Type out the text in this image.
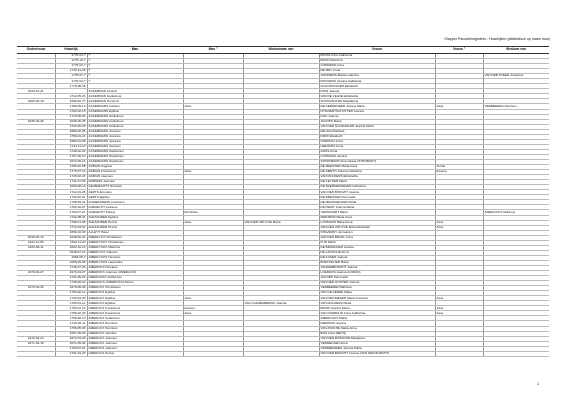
Klapper Parochieregisters - Huwelijken (alfabetisch op naam man)
Ondertrouw	Huwelijk	Man	Man °	Weduwnaar van	Vrouw	Vrouw °	Weduwe van
	1775-04-?	?			BOOM Anna Catharina		
	1775-12-?	?			BOON Albertina		
	1776-02-?	?			CODRENS Anna		
	1733-11-28	?			DE MEY Anna		
	1776-0?-?	?			JANSSENS Maria Ludovica		VAN DER STEEN Josephus
	1776-04-?	?			ROOSENS Joanna Catharina		
	1775-08-05				SLAGHMULDER Elisabeth		
1629-10-21		ACKERMAN Amand			DION Joanna		
	1712-05-26	ACKERMAN Guilielmus			VAN DE VELDE Elizabetha		
1680-02-18	1680-02-??	ACKERMAN Henricus			SCHOONJANS Magdalena		
	1780-09-19	ACKERMANS Carolus	Asse		DE KEMPENEER Joanna Maria	Asse	VERBEEREN Henricus
	1702-02-15	ACKERMANS Egidius			D'HANENTSCHUTTER Joanna		
	1710-06-03	ACKERMANS Guilielmus			NUG Joanna		
1635-04-29	1635-06-25	ACKERMANS Guilielmus			JACOPS Maria		
	1733-05-29	ACKERMANS Guilielmus			VAN DER SLAGMOLEN Joanna Maria		
	1686-02-05	ACKERMANS Joannes			DE NUG Barbara		
	1759-04-24	ACKERMANS Joannes			DIRIX Elisabeth		
	1680-01-08	ACKERMANS Joannes			STERCKX Anna		
	1744-11-10	ACKERMANS Joannes			LEEMANS Anna		
	1749-02-22	ACKERMANS Stephanus			ARIJS Anna		
	1767-02-10	ACKERMANS Stephanus			LOOMANS Joanna		
	1672-06-14	ACKERMANS Stephanus			STROOBANT Ermentiana (STROBANT)		
	1766-02-08	ADRIAN Angelus			DE MEESTER Maria Anna	Ternat	
	1775-07-10	ADRIAN Franciscus	Asse		DE SMETH Joanna Catharina	Essene	
	1715-02-23	ADRIAN Joannes			VAN MULDERS Elizabetha		
	1711-07-06	ADRIANS Joannes			DE KEYSER Maria		
	1669-08-18	AELBRECHTS Nicolaus			DE BAERDEMAEKER Catharina		
	1722-04-28	AERTS Antonius			VAN DER BORGHT Joanna		
	1732-02-01	AERTS Egidius			DE BRECKER Petronella		
	1738-09-16	AGNEESSENS Ludovicus			DE MESMAECKER Maria		
	1766-10-07	ALBRECHT Joannes			KEYAERT Joanna Maria		
	1762-07-21	ALBRECHT Paulus	Merchtem		VERHAVERT Maria		AMERLICKX Martinus
	1742-08-31	ALEXANDER Egidius			MERTENS Maria Anna		
	1768-11-09	ALEXANDER Petrus	Asse	VAN DEN CRUYCE Maria	LOOMANS Maria Anna	Asse	
	1772-03-02	ALEXANDER Petrus			VAN DEN CRUYCE Maria Elizabeth	Asse	
	1650-10-30	ALLEYT Pieter			STEVENNY Jennekren		
1648-02-14	1648-02-24	AMERLYCX Christianus			VAN DEN BRUEL Anna		
1622-11-06	1622-11-20	AMERLYCKX Christianus			FIJN Maria		
1622-06-11	1622-10-16	AMERLYCKX Martinus			DE BRUECKER Joanna		
	1648-07-14	AMERLYCX Judocus			DE LAHOOUE Anna		
	1683-08-?	AMERLYCKS Henricus			DE KUSER Joanna		
	1665-06-05	AMERLYCKS Laurentius			BOETSELIER Maria		
	1745-07-03	AMERICKX Nicolaus			VANDERBORGHT Joanna		
1679-04-27	1679-04-27	AMERICKX Joannes (AMERLICX)			LOEMANS Joanna (LOMAN)		
	1741-05-20	AMERLICKX Guilielmus			JACOBS Petronella		
	1749-02-22	AMERICKX (AMERICKX) Petrus			VAN DER GOOTEN Joanna		
1670-04-25	1670-05-06	AMERLICX Christianus			VERBEEREN Barbara		
	1760-02-12	AMERLICX Egidius			VAN DE PERRE Maria		
	1743-04-30	AMERLICX Egidius	Asse		VAN DEN BIESEN Maria Susanna	Asse	
	1795-01-14	AMERLICX Egidius		VAN CALMENBERGH Joanna	VAN MULDERS Maria		
	1790-04-13	AMERLICX Franciscus	Essene		BOOM Joanna Maria	Asse	
	1768-10-30	AMERLICX Franciscus	Asse		VAN OVERDUN Anna Catharina	Asse	
	1758-08-10	AMERLICX Guilielmus			AMERLICKX Maria		
	1719-02-11	AMERLICX Henricus			DIERICKS Joanna		
	1756-05-03	AMERLICX Henricus			VAN ASSCHE Maria Anna		
	1697-05-20	AMERLICX Jacobus			BIJS Anna (BEYS)		
1672-02-24	1672-03-20	AMERLICX Joannes			VAN DEN BOSSCHE Margareta		
1671-04-19	1671-05-02	AMERLICX Joannes			VERMEULEN Anna		
	1709-07-21	AMERLICX Judocus			VERMEERSEN Joanna Maria		
	1701-01-20	AMERLICX Petrus			VAN DER BORGHT Joanna (VAN DER BURCHT)		
1
